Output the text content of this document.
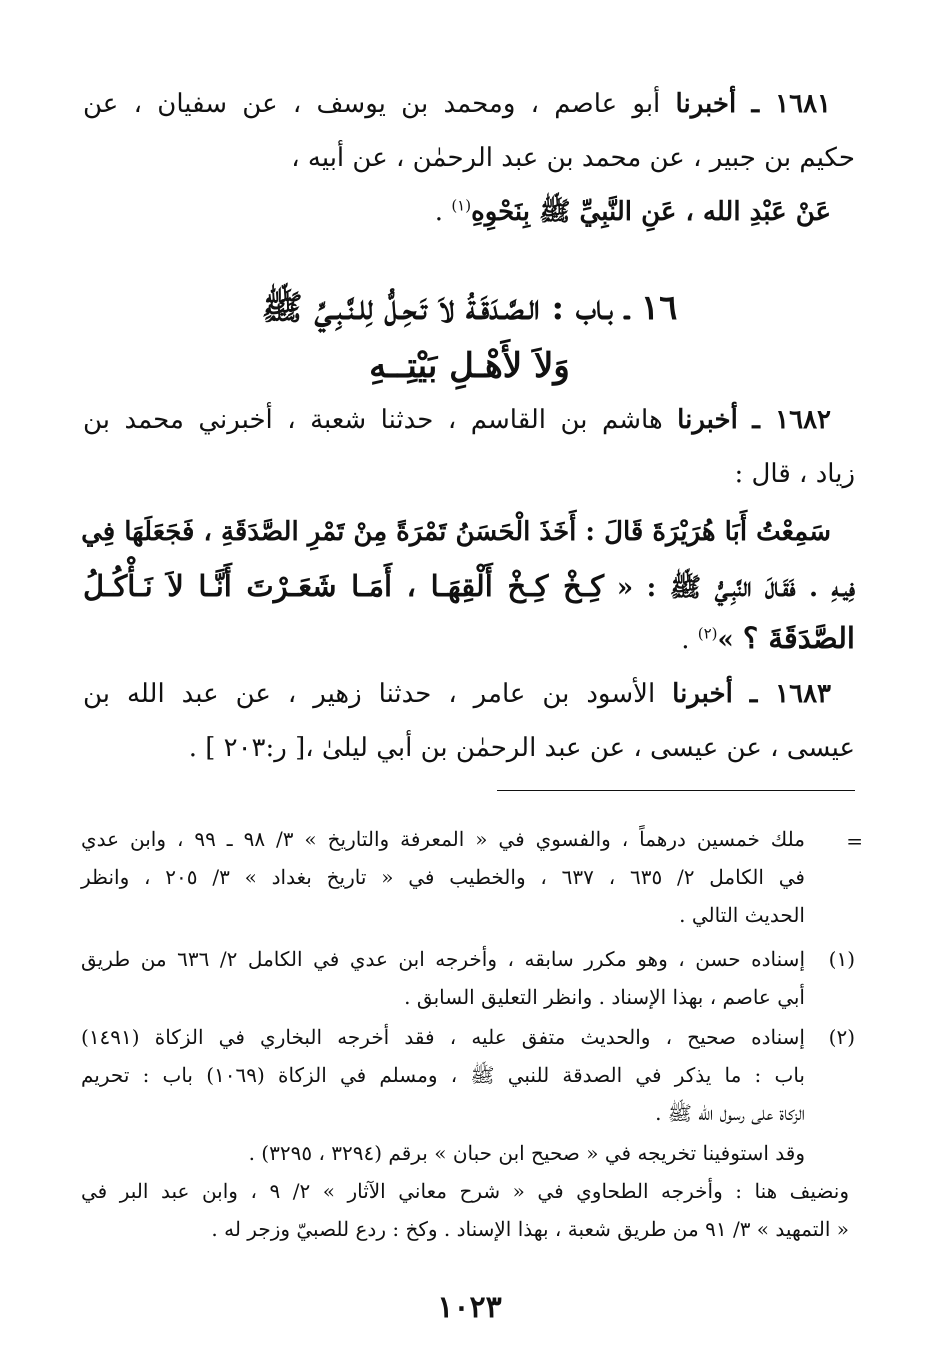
١٦٨١ ـ أخبرنا أبو عاصم ، ومحمد بن يوسف ، عن سفيان ، عن
حكيم بن جبير ، عن محمد بن عبد الرحمٰن ، عن أبيه ،
عَنْ عَبْدِ الله ، عَنِ النَّبِيِّ ﷺ بِنَحْوِهِ$^{(١)}$ .
١٦ ـ بـاب : الـصَّـدَقَـةُ لاَ تَـحِـلُّ لِلـنَّـبِـيِّ ﷺ
وَلاَ لأَهْـلِ بَيْتِــهِ
١٦٨٢ ـ أخبرنا هاشم بن القاسم ، حدثنا شعبة ، أخبرني محمد بن
زياد ، قال :
سَمِعْتُ أَبَا هُرَيْرَةَ قَالَ : أَخَذَ الْحَسَنُ تَمْرَةً مِنْ تَمْرِ الصَّدَقَةِ ، فَجَعَلَهَا فِي
فِيـهِ . فَقَـالَ النَّبِـيُّ ﷺ : « كِـخْ كِـخْ أَلْقِهَـا ، أَمَـا شَعَـرْتَ أَنَّـا لاَ نَـأْكُـلُ
الصَّدَقَةَ ؟ »$^{(٢)}$ .
١٦٨٣ ـ أخبرنا الأسود بن عامر ، حدثنا زهير ، عن عبد الله بن
عيسى ، عن عيسى ، عن عبد الرحمٰن بن أبي ليلىٰ ،[ ر:٢٠٣ ] .
=
ملك خمسين درهماً ، والفسوي في « المعرفة والتاريخ » ٣/ ٩٨ ـ ٩٩ ، وابن عدي
في الكامل ٢/ ٦٣٥ ، ٦٣٧ ، والخطيب في « تاريخ بغداد » ٣/ ٢٠٥ ، وانظر
الحديث التالي .
(١)
إسناده حسن ، وهو مكرر سابقه ، وأخرجه ابن عدي في الكامل ٢/ ٦٣٦ من طريق
أبي عاصم ، بهذا الإسناد . وانظر التعليق السابق .
(٢)
إسناده صحيح ، والحديث متفق عليه ، فقد أخرجه البخاري في الزكاة (١٤٩١)
باب : ما يذكر في الصدقة للنبي ﷺ ، ومسلم في الزكاة (١٠٦٩) باب : تحريم
الزكاة على رسول الله ﷺ .
وقد استوفينا تخريجه في « صحيح ابن حبان » برقم (٣٢٩٤ ، ٣٢٩٥) .
ونضيف هنا : وأخرجه الطحاوي في « شرح معاني الآثار » ٢/ ٩ ، وابن عبد البر في
« التمهيد » ٣/ ٩١ من طريق شعبة ، بهذا الإسناد . وكخ : ردع للصبيّ وزجر له .
١٠٢٣
